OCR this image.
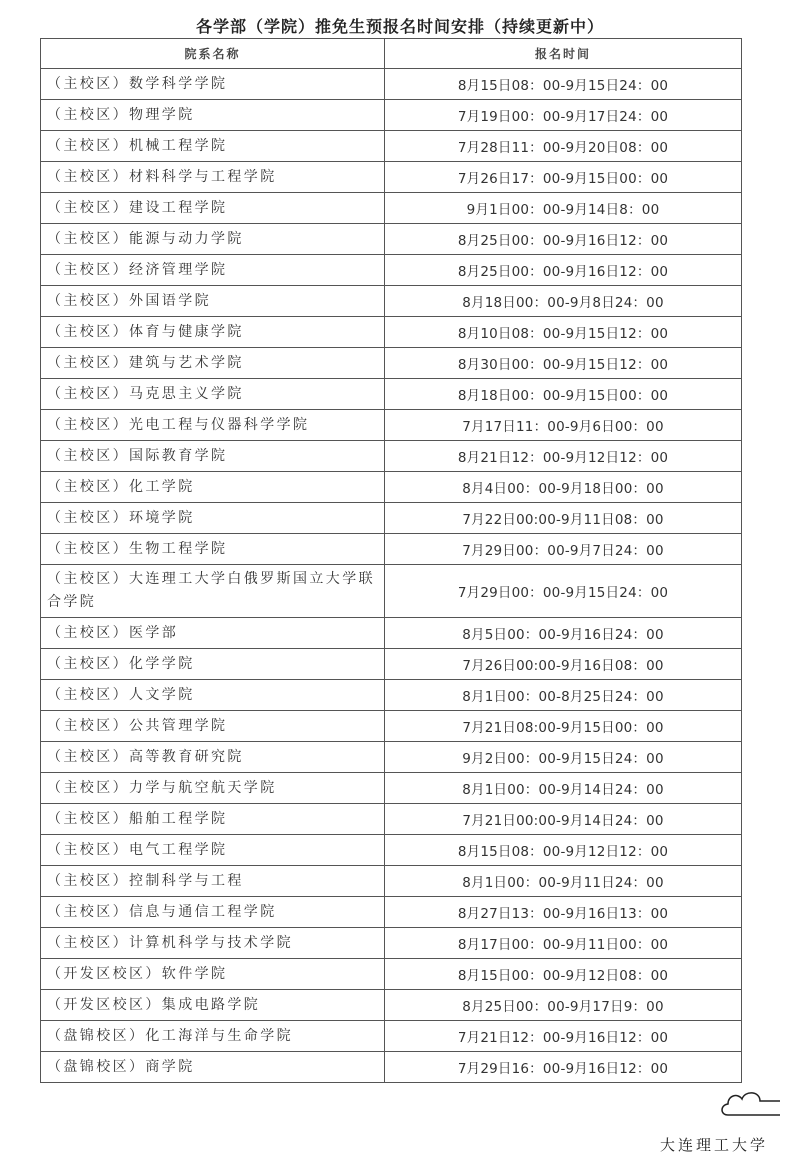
各学部（学院）推免生预报名时间安排（持续更新中）
院系名称	报名时间
（主校区）数学科学学院	8月15日08：00-9月15日24：00
（主校区）物理学院	7月19日00：00-9月17日24：00
（主校区）机械工程学院	7月28日11：00-9月20日08：00
（主校区）材料科学与工程学院	7月26日17：00-9月15日00：00
（主校区）建设工程学院	9月1日00：00-9月14日8：00
（主校区）能源与动力学院	8月25日00：00-9月16日12：00
（主校区）经济管理学院	8月25日00：00-9月16日12：00
（主校区）外国语学院	8月18日00：00-9月8日24：00
（主校区）体育与健康学院	8月10日08：00-9月15日12：00
（主校区）建筑与艺术学院	8月30日00：00-9月15日12：00
（主校区）马克思主义学院	8月18日00：00-9月15日00：00
（主校区）光电工程与仪器科学学院	7月17日11：00-9月6日00：00
（主校区）国际教育学院	8月21日12：00-9月12日12：00
（主校区）化工学院	8月4日00：00-9月18日00：00
（主校区）环境学院	7月22日00:00-9月11日08：00
（主校区）生物工程学院	7月29日00：00-9月7日24：00
（主校区）大连理工大学白俄罗斯国立大学联合学院	7月29日00：00-9月15日24：00
（主校区）医学部	8月5日00：00-9月16日24：00
（主校区）化学学院	7月26日00:00-9月16日08：00
（主校区）人文学院	8月1日00：00-8月25日24：00
（主校区）公共管理学院	7月21日08:00-9月15日00：00
（主校区）高等教育研究院	9月2日00：00-9月15日24：00
（主校区）力学与航空航天学院	8月1日00：00-9月14日24：00
（主校区）船舶工程学院	7月21日00:00-9月14日24：00
（主校区）电气工程学院	8月15日08：00-9月12日12：00
（主校区）控制科学与工程	8月1日00：00-9月11日24：00
（主校区）信息与通信工程学院	8月27日13：00-9月16日13：00
（主校区）计算机科学与技术学院	8月17日00：00-9月11日00：00
（开发区校区）软件学院	8月15日00：00-9月12日08：00
（开发区校区）集成电路学院	8月25日00：00-9月17日9：00
（盘锦校区）化工海洋与生命学院	7月21日12：00-9月16日12：00
（盘锦校区）商学院	7月29日16：00-9月16日12：00
大连理工大学
